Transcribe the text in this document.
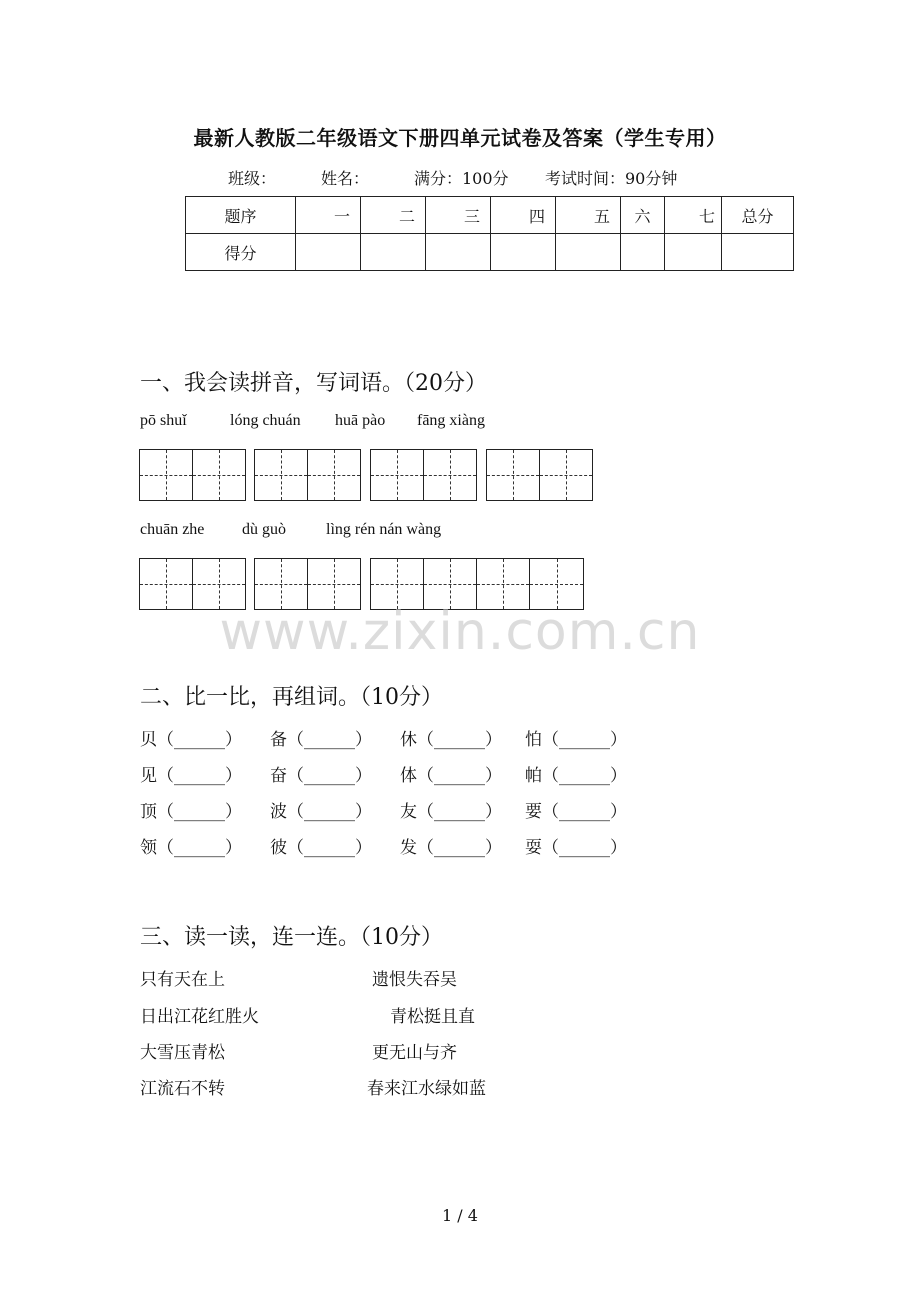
最新人教版二年级语文下册四单元试卷及答案（学生专用）
班级：	姓名：	满分：100分 考试时间：90分钟
题序	一	二	三	四	五	六	七	总分
得分								
一、我会读拼音，写词语。（20分）
pō shuǐ	lóng chuán huā pào fāng xiàng
chuān zhe dù guò	lìng rén nán wàng
www.zixin.com.cn
二、比一比，再组词。（10分）
贝（______） 备（______） 休（______） 怕（______）
见（______） 奋（______） 体（______） 帕（______）
顶（______） 波（______） 友（______） 要（______）
领（______） 彼（______） 发（______） 耍（______）
三、读一读，连一连。（10分）
只有天在上
日出江花红胜火
大雪压青松
江流石不转
遗恨失吞吴
青松挺且直
更无山与齐
春来江水绿如蓝
1 / 4
